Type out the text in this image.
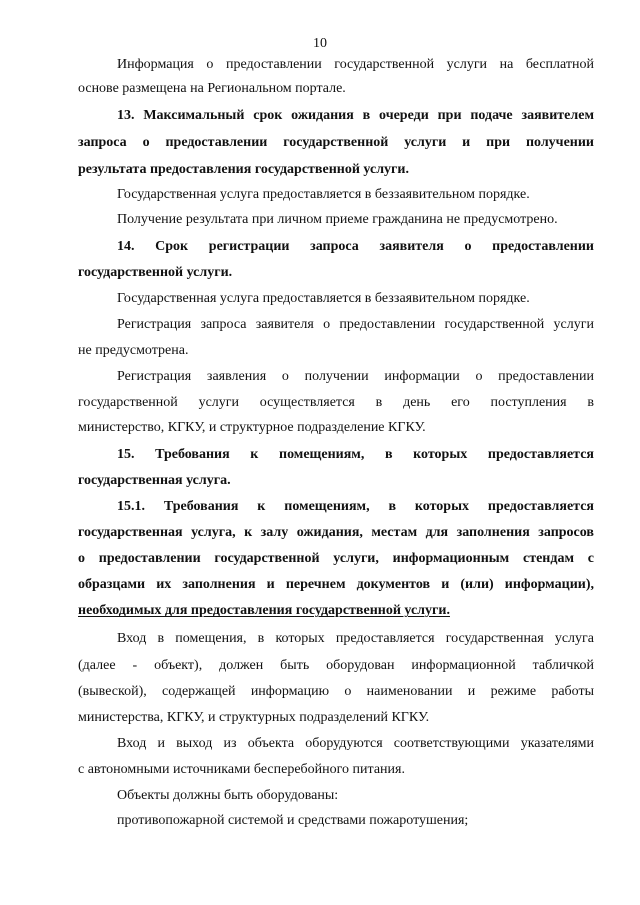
10
Информация о предоставлении государственной услуги на бесплатной
основе размещена на Региональном портале.
13. Максимальный срок ожидания в очереди при подаче заявителем
запроса о предоставлении государственной услуги и при получении
результата предоставления государственной услуги.
Государственная услуга предоставляется в беззаявительном порядке.
Получение результата при личном приеме гражданина не предусмотрено.
14. Срок регистрации запроса заявителя о предоставлении
государственной услуги.
Государственная услуга предоставляется в беззаявительном порядке.
Регистрация запроса заявителя о предоставлении государственной услуги
не предусмотрена.
Регистрация заявления о получении информации о предоставлении
государственной услуги осуществляется в день его поступления в
министерство, КГКУ, и структурное подразделение КГКУ.
15. Требования к помещениям, в которых предоставляется
государственная услуга.
15.1. Требования к помещениям, в которых предоставляется
государственная услуга, к залу ожидания, местам для заполнения запросов
о предоставлении государственной услуги, информационным стендам с
образцами их заполнения и перечнем документов и (или) информации),
необходимых для предоставления государственной услуги.
Вход в помещения, в которых предоставляется государственная услуга
(далее - объект), должен быть оборудован информационной табличкой
(вывеской), содержащей информацию о наименовании и режиме работы
министерства, КГКУ, и структурных подразделений КГКУ.
Вход и выход из объекта оборудуются соответствующими указателями
с автономными источниками бесперебойного питания.
Объекты должны быть оборудованы:
противопожарной системой и средствами пожаротушения;
